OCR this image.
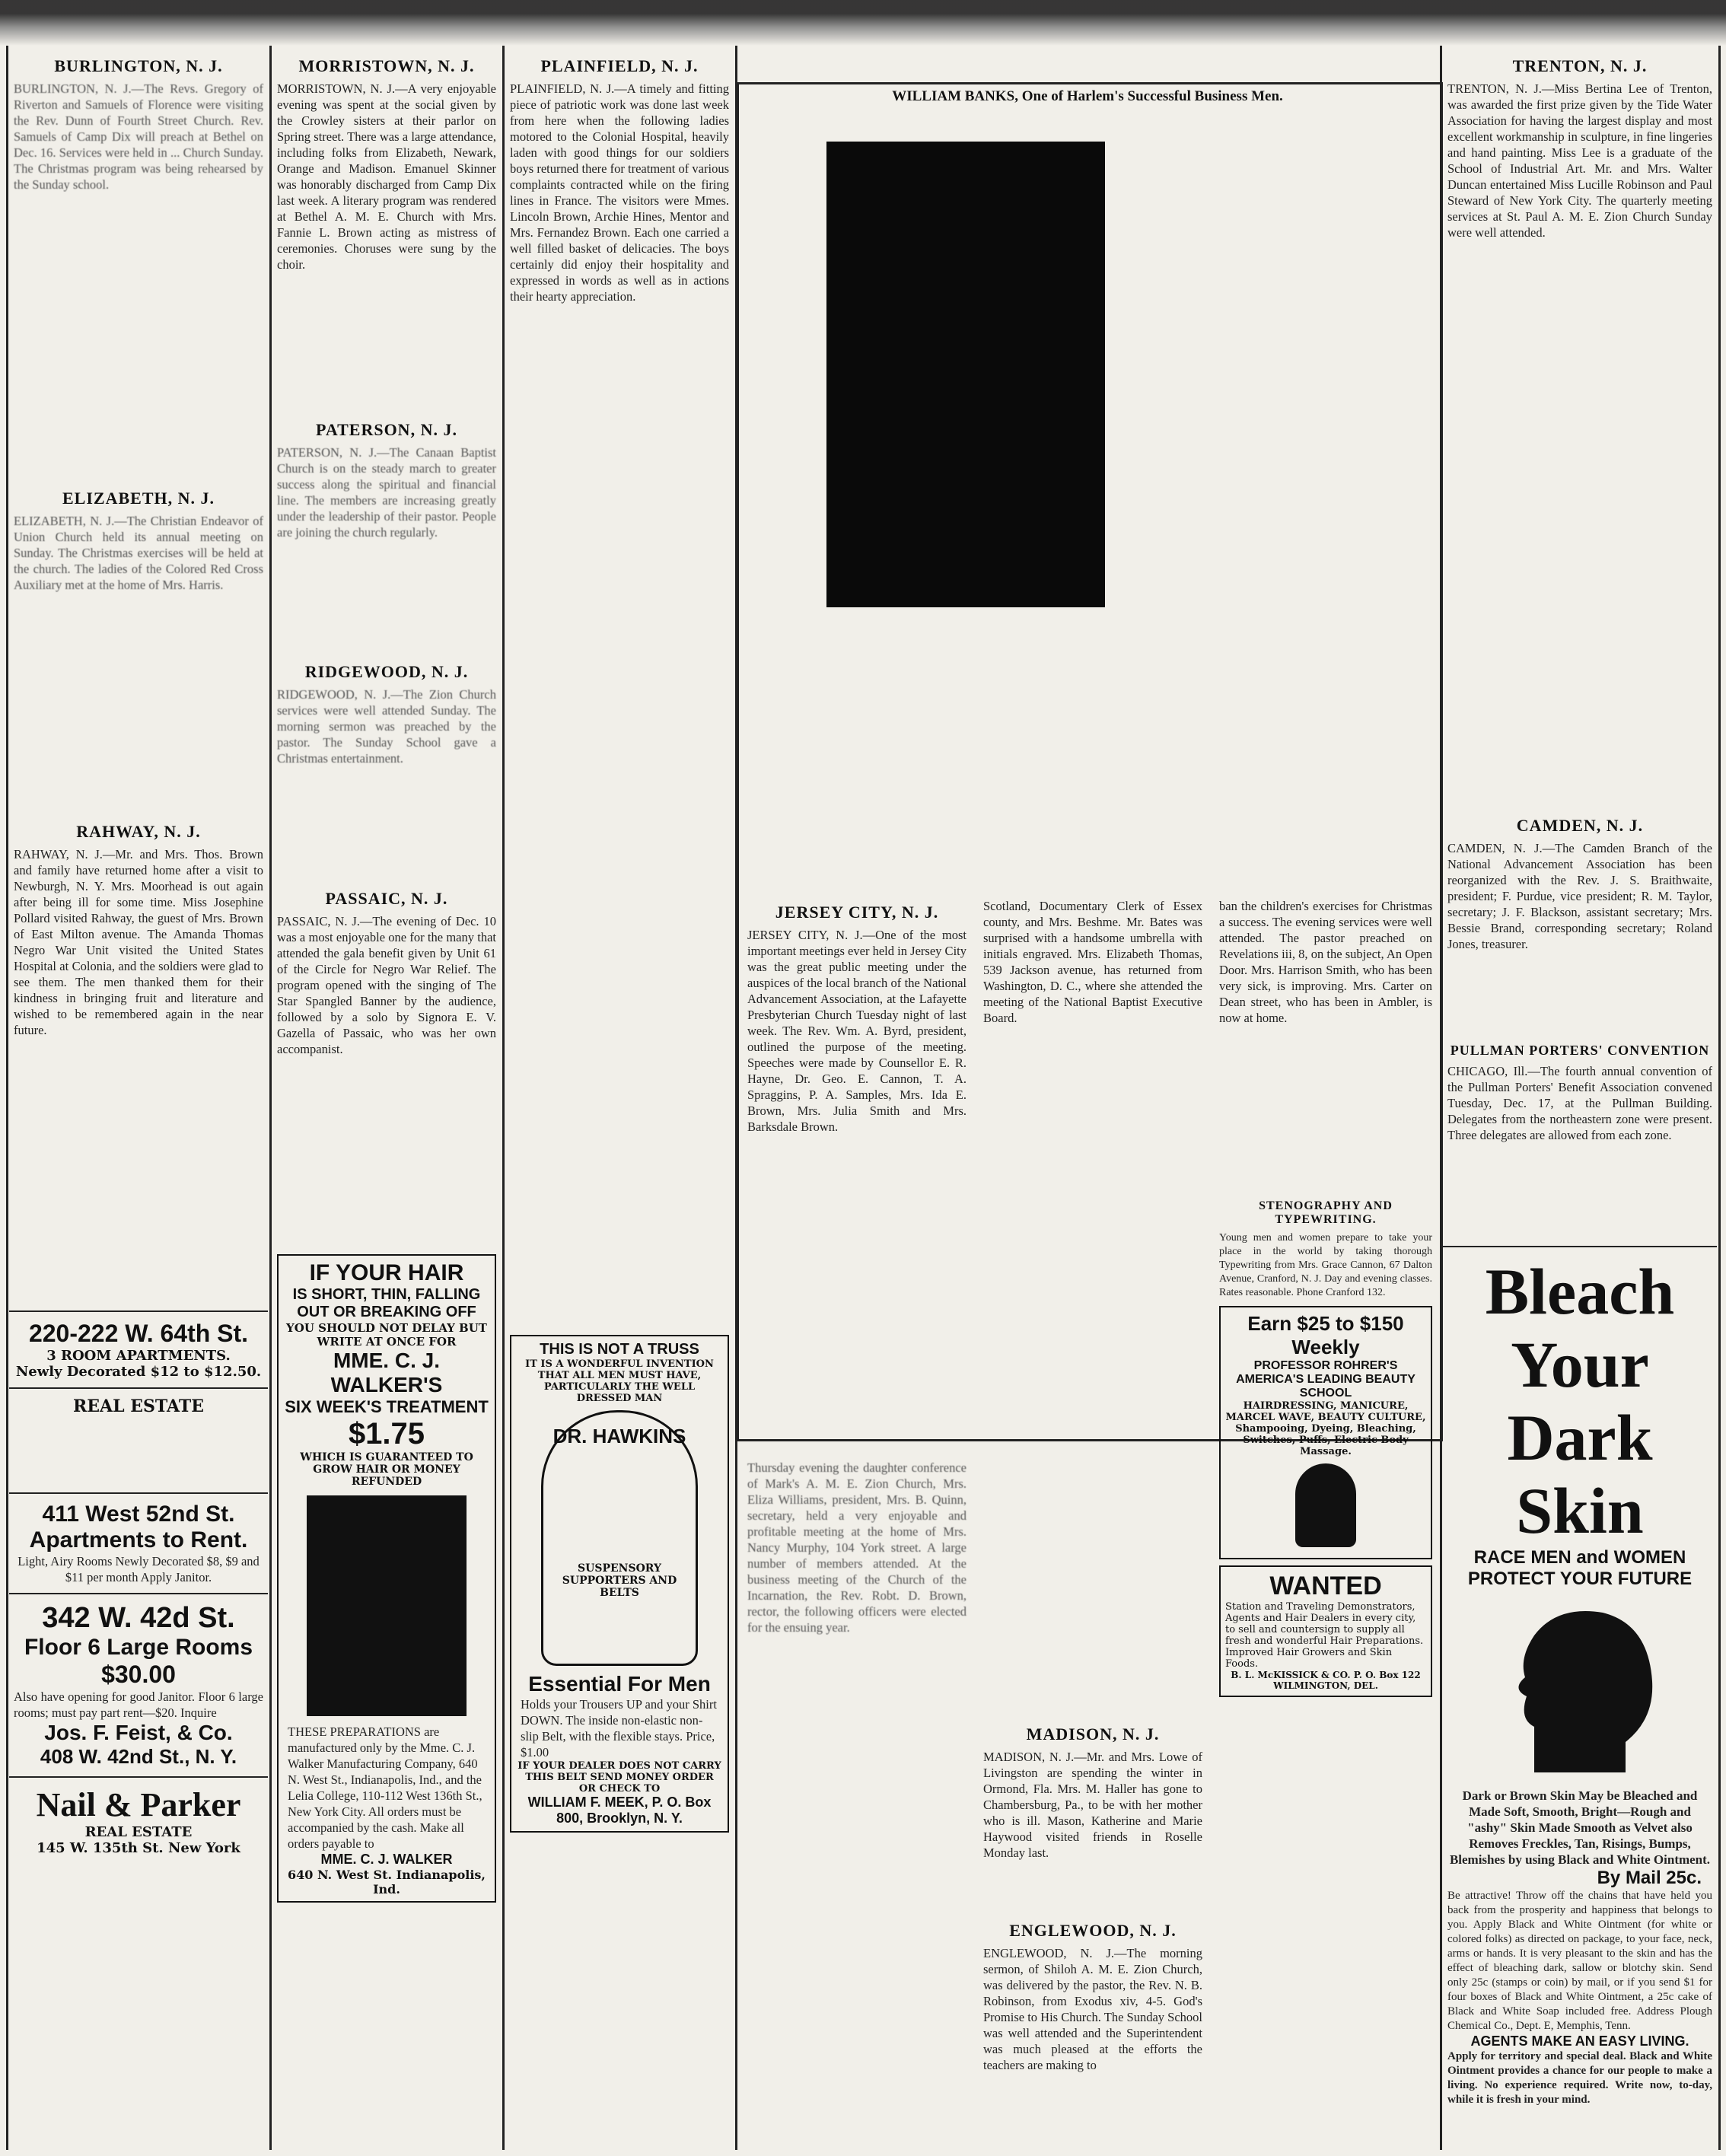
BURLINGTON, N. J.

BURLINGTON, N. J.—The Revs. Gregory of Riverton and Samuels of Florence were visiting the Rev. Dunn of Fourth Street Church. Rev. Samuels of Camp Dix will preach at Bethel on Dec. 16. Services were held in ... Church Sunday. The Christmas program was being rehearsed by the Sunday school.

ELIZABETH, N. J.

ELIZABETH, N. J.—The Christian Endeavor of Union Church held its annual meeting on Sunday. The Christmas exercises will be held at the church. The ladies of the Colored Red Cross Auxiliary met at the home of Mrs. Harris.

RAHWAY, N. J.

RAHWAY, N. J.—Mr. and Mrs. Thos. Brown and family have returned home after a visit to Newburgh, N. Y. Mrs. Moorhead is out again after being ill for some time. Miss Josephine Pollard visited Rahway, the guest of Mrs. Brown of East Milton avenue. The Amanda Thomas Negro War Unit visited the United States Hospital at Colonia, and the soldiers were glad to see them. The men thanked them for their kindness in bringing fruit and literature and wished to be remembered again in the near future.

220-222 W. 64th St.
3 ROOM APARTMENTS.
Newly Decorated $12 to $12.50.
REAL ESTATE
411 West 52nd St.
Apartments to Rent.
Light, Airy Rooms Newly Decorated $8, $9 and $11 per month Apply Janitor.
342 W. 42d St.
Floor 6 Large Rooms
$30.00
Also have opening for good Janitor. Floor 6 large rooms; must pay part rent—$20. Inquire
Jos. F. Feist, & Co.
408 W. 42nd St., N. Y.
Nail & Parker
REAL ESTATE
145 W. 135th St. New York
MORRISTOWN, N. J.

MORRISTOWN, N. J.—A very enjoyable evening was spent at the social given by the Crowley sisters at their parlor on Spring street. There was a large attendance, including folks from Elizabeth, Newark, Orange and Madison. Emanuel Skinner was honorably discharged from Camp Dix last week. A literary program was rendered at Bethel A. M. E. Church with Mrs. Fannie L. Brown acting as mistress of ceremonies. Choruses were sung by the choir.

PATERSON, N. J.

PATERSON, N. J.—The Canaan Baptist Church is on the steady march to greater success along the spiritual and financial line. The members are increasing greatly under the leadership of their pastor. People are joining the church regularly.

RIDGEWOOD, N. J.

RIDGEWOOD, N. J.—The Zion Church services were well attended Sunday. The morning sermon was preached by the pastor. The Sunday School gave a Christmas entertainment.

PASSAIC, N. J.

PASSAIC, N. J.—The evening of Dec. 10 was a most enjoyable one for the many that attended the gala benefit given by Unit 61 of the Circle for Negro War Relief. The program opened with the singing of The Star Spangled Banner by the audience, followed by a solo by Signora E. V. Gazella of Passaic, who was her own accompanist.

IF YOUR HAIR
IS SHORT, THIN, FALLING OUT OR BREAKING OFF
YOU SHOULD NOT DELAY BUT WRITE AT ONCE FOR
MME. C. J. WALKER'S
SIX WEEK'S TREATMENT
$1.75
WHICH IS GUARANTEED TO GROW HAIR OR MONEY REFUNDED
THESE PREPARATIONS are manufactured only by the Mme. C. J. Walker Manufacturing Company, 640 N. West St., Indianapolis, Ind., and the Lelia College, 110-112 West 136th St., New York City. All orders must be accompanied by the cash. Make all orders payable to
MME. C. J. WALKER
640 N. West St. Indianapolis, Ind.
PLAINFIELD, N. J.

PLAINFIELD, N. J.—A timely and fitting piece of patriotic work was done last week from here when the following ladies motored to the Colonial Hospital, heavily laden with good things for our soldiers boys returned there for treatment of various complaints contracted while on the firing lines in France. The visitors were Mmes. Lincoln Brown, Archie Hines, Mentor and Mrs. Fernandez Brown. Each one carried a well filled basket of delicacies. The boys certainly did enjoy their hospitality and expressed in words as well as in actions their hearty appreciation.

THIS IS NOT A TRUSS
IT IS A WONDERFUL INVENTION THAT ALL MEN MUST HAVE, PARTICULARLY THE WELL DRESSED MAN
DR. HAWKINS
SUSPENSORY SUPPORTERS AND BELTS
Essential For Men
Holds your Trousers UP and your Shirt DOWN. The inside non-elastic non-slip Belt, with the flexible stays. Price, $1.00
IF YOUR DEALER DOES NOT CARRY THIS BELT SEND MONEY ORDER OR CHECK TO
WILLIAM F. MEEK, P. O. Box 800, Brooklyn, N. Y.
WILLIAM BANKS, One of Harlem's Successful Business Men.
JERSEY CITY, N. J.

JERSEY CITY, N. J.—One of the most important meetings ever held in Jersey City was the great public meeting under the auspices of the local branch of the National Advancement Association, at the Lafayette Presbyterian Church Tuesday night of last week. The Rev. Wm. A. Byrd, president, outlined the purpose of the meeting. Speeches were made by Counsellor E. R. Hayne, Dr. Geo. E. Cannon, T. A. Spraggins, P. A. Samples, Mrs. Ida E. Brown, Mrs. Julia Smith and Mrs. Barksdale Brown.

Thursday evening the daughter conference of Mark's A. M. E. Zion Church, Mrs. Eliza Williams, president, Mrs. B. Quinn, secretary, held a very enjoyable and profitable meeting at the home of Mrs. Nancy Murphy, 104 York street. A large number of members attended. At the business meeting of the Church of the Incarnation, the Rev. Robt. D. Brown, rector, the following officers were elected for the ensuing year.

Scotland, Documentary Clerk of Essex county, and Mrs. Beshme. Mr. Bates was surprised with a handsome umbrella with initials engraved. Mrs. Elizabeth Thomas, 539 Jackson avenue, has returned from Washington, D. C., where she attended the meeting of the National Baptist Executive Board.

MADISON, N. J.

MADISON, N. J.—Mr. and Mrs. Lowe of Livingston are spending the winter in Ormond, Fla. Mrs. M. Haller has gone to Chambersburg, Pa., to be with her mother who is ill. Mason, Katherine and Marie Haywood visited friends in Roselle Monday last.

ENGLEWOOD, N. J.

ENGLEWOOD, N. J.—The morning sermon, of Shiloh A. M. E. Zion Church, was delivered by the pastor, the Rev. N. B. Robinson, from Exodus xiv, 4-5. God's Promise to His Church. The Sunday School was well attended and the Superintendent was much pleased at the efforts the teachers are making to

ban the children's exercises for Christmas a success. The evening services were well attended. The pastor preached on Revelations iii, 8, on the subject, An Open Door. Mrs. Harrison Smith, who has been very sick, is improving. Mrs. Carter on Dean street, who has been in Ambler, is now at home.

STENOGRAPHY AND TYPEWRITING.

Young men and women prepare to take your place in the world by taking thorough Typewriting from Mrs. Grace Cannon, 67 Dalton Avenue, Cranford, N. J. Day and evening classes. Rates reasonable. Phone Cranford 132.

Earn $25 to $150 Weekly
PROFESSOR ROHRER'S AMERICA'S LEADING BEAUTY SCHOOL
HAIRDRESSING, MANICURE, MARCEL WAVE, BEAUTY CULTURE, Shampooing, Dyeing, Bleaching, Switches, Puffs, Electric Body Massage.
WANTED
Station and Traveling Demonstrators, Agents and Hair Dealers in every city, to sell and countersign to supply all fresh and wonderful Hair Preparations. Improved Hair Growers and Skin Foods.
B. L. McKISSICK & CO. P. O. Box 122 WILMINGTON, DEL.
TRENTON, N. J.

TRENTON, N. J.—Miss Bertina Lee of Trenton, was awarded the first prize given by the Tide Water Association for having the largest display and most excellent workmanship in sculpture, in fine lingeries and hand painting. Miss Lee is a graduate of the School of Industrial Art. Mr. and Mrs. Walter Duncan entertained Miss Lucille Robinson and Paul Steward of New York City. The quarterly meeting services at St. Paul A. M. E. Zion Church Sunday were well attended.

CAMDEN, N. J.

CAMDEN, N. J.—The Camden Branch of the National Advancement Association has been reorganized with the Rev. J. S. Braithwaite, president; F. Purdue, vice president; R. M. Taylor, secretary; J. F. Blackson, assistant secretary; Mrs. Bessie Brand, corresponding secretary; Roland Jones, treasurer.

PULLMAN PORTERS' CONVENTION

CHICAGO, Ill.—The fourth annual convention of the Pullman Porters' Benefit Association convened Tuesday, Dec. 17, at the Pullman Building. Delegates from the northeastern zone were present. Three delegates are allowed from each zone.

Bleach Your
Dark Skin
RACE MEN and WOMEN PROTECT YOUR FUTURE

Dark or Brown Skin May be Bleached and Made Soft, Smooth, Bright—Rough and "ashy" Skin Made Smooth as Velvet also Removes Freckles, Tan, Risings, Bumps, Blemishes by using Black and White Ointment.

By Mail 25c.

Be attractive! Throw off the chains that have held you back from the prosperity and happiness that belongs to you. Apply Black and White Ointment (for white or colored folks) as directed on package, to your face, neck, arms or hands. It is very pleasant to the skin and has the effect of bleaching dark, sallow or blotchy skin. Send only 25c (stamps or coin) by mail, or if you send $1 for four boxes of Black and White Ointment, a 25c cake of Black and White Soap included free. Address Plough Chemical Co., Dept. E, Memphis, Tenn.

AGENTS MAKE AN EASY LIVING.

Apply for territory and special deal. Black and White Ointment provides a chance for our people to make a living. No experience required. Write now, to-day, while it is fresh in your mind.
